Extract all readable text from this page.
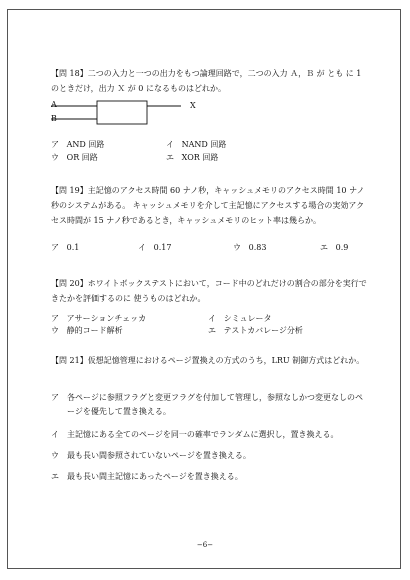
【問 18】二つの入力と一つの出力をもつ論理回路で，二つの入力 Ａ，Ｂ が とも に 1 のときだけ，出力 Ｘ が 0 になるものはどれか。
A
B
X
ア AND 回路	イ NAND 回路
ウ OR 回路	エ XOR 回路
【問 19】主記憶のアクセス時間 60 ナノ秒，キャッシュメモリのアクセス時間 10 ナノ秒のシステムがある。 キャッシュメモリを介して主記憶にアクセスする場合の実効アクセス時間が 15 ナノ秒であるとき，キャッシュメモリのヒット率は幾らか。
ア 0.1	イ 0.17	ウ 0.83	エ 0.9
【問 20】ホワイトボックステストにおいて，コード中のどれだけの割合の部分を実行できたかを評価するのに 使うものはどれか。
ア アサーションチェッカ	イ シミュレータ
ウ 静的コード解析	エ テストカバレージ分析
【問 21】仮想記憶管理におけるページ置換えの方式のうち，LRU 制御方式はどれか。
ア 各ページに参照フラグと変更フラグを付加して管理し，参照なしかつ変更なしのページを優先して置き換える。
イ 主記憶にある全てのページを同一の確率でランダムに選択し，置き換える。
ウ 最も長い間参照されていないページを置き換える。
エ 最も長い間主記憶にあったページを置き換える。
−6−
